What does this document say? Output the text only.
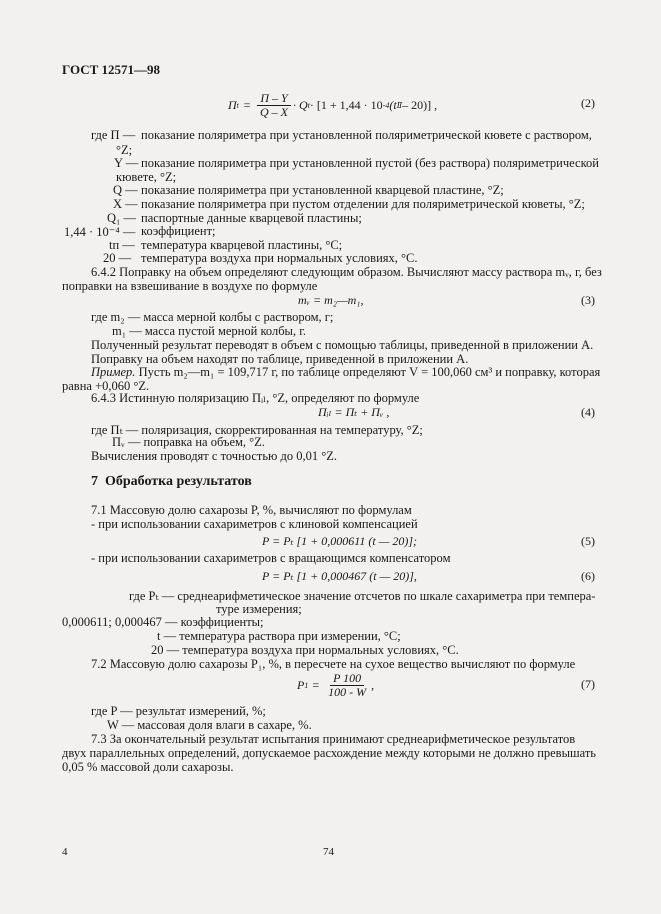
ГОСТ 12571—98
П $t = \frac{П - Y}{Q - X} \cdot Q$ t · [1 + 1,44 · 10 -4 (t Ⅱ – 20)] ,	(2)
где П — показание поляриметра при установленной поляриметрической кювете с раствором,
°Z;
Y — показание поляриметра при установленной пустой (без раствора) поляриметрической
кювете, °Z;
Q — показание поляриметра при установленной кварцевой пластине, °Z;
X — показание поляриметра при пустом отделении для поляриметрической кюветы, °Z;
Q₁ — паспортные данные кварцевой пластины;
1,44 · 10⁻⁴ — коэффициент;
tп — температура кварцевой пластины, °С;
20 — температура воздуха при нормальных условиях, °С.
6.4.2 Поправку на объем определяют следующим образом. Вычисляют массу раствора mᵥ, г, без
поправки на взвешивание в воздухе по формуле
mᵥ = m₂—m₁,	(3)
где m₂ — масса мерной колбы с раствором, г;
m₁ — масса пустой мерной колбы, г.
Полученный результат переводят в объем с помощью таблицы, приведенной в приложении А.
Поправку на объем находят по таблице, приведенной в приложении А.
Пример. Пусть m₂—m₁ = 109,717 г, по таблице определяют V = 100,060 см³ и поправку, которая
равна +0,060 °Z.
6.4.3 Истинную поляризацию Пᵢₗ, °Z, определяют по формуле
Пᵢₗ = Пₜ + Пᵥ ,	(4)
где Пₜ — поляризация, скорректированная на температуру, °Z;
Пᵥ — поправка на объем, °Z.
Вычисления проводят с точностью до 0,01 °Z.
7 Обработка результатов
7.1 Массовую долю сахарозы P, %, вычисляют по формулам
- при использовании сахариметров с клиновой компенсацией
P = Pₜ [1 + 0,000611 (t — 20)];	(5)
- при использовании сахариметров с вращающимся компенсатором
P = Pₜ [1 + 0,000467 (t — 20)],	(6)
где Pₜ — среднеарифметическое значение отсчетов по шкале сахариметра при темпера-
туре измерения;
0,000611; 0,000467 — коэффициенты;
t — температура раствора при измерении, °С;
20 — температура воздуха при нормальных условиях, °С.
7.2 Массовую долю сахарозы P₁, %, в пересчете на сухое вещество вычисляют по формуле
P $1 = \frac{P 100}{100 - W}$ ,	(7)
где P — результат измерений, %;
W — массовая доля влаги в сахаре, %.
7.3 За окончательный результат испытания принимают среднеарифметическое результатов
двух параллельных определений, допускаемое расхождение между которыми не должно превышать
0,05 % массовой доли сахарозы.
4	74
